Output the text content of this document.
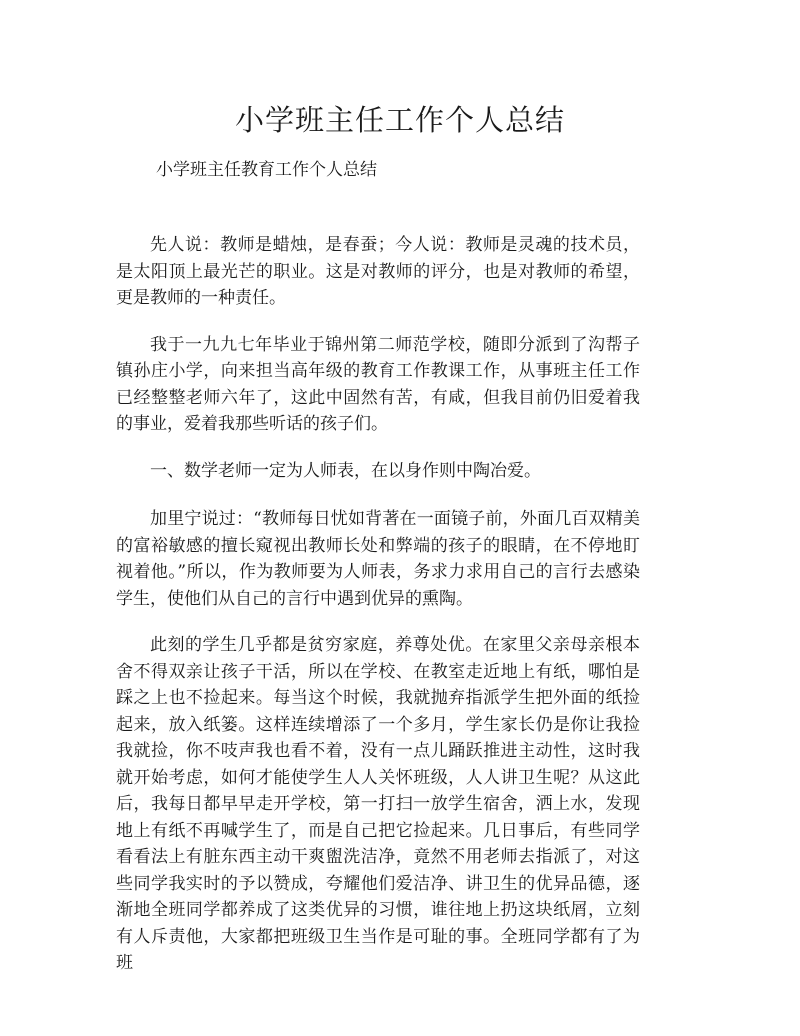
小学班主任工作个人总结
小学班主任教育工作个人总结

先人说：教师是蜡烛，是春蚕；今人说：教师是灵魂的技术员，是太阳顶上最光芒的职业。这是对教师的评分，也是对教师的希望，更是教师的一种责任。

我于一九九七年毕业于锦州第二师范学校，随即分派到了沟帮子镇孙庄小学，向来担当高年级的教育工作教课工作，从事班主任工作已经整整老师六年了，这此中固然有苦，有咸，但我目前仍旧爱着我的事业，爱着我那些听话的孩子们。

一、数学老师一定为人师表，在以身作则中陶冶爱。

加里宁说过：“教师每日忧如背著在一面镜子前，外面几百双精美的富裕敏感的擅长窥视出教师长处和弊端的孩子的眼睛，在不停地盯视着他。”所以，作为教师要为人师表，务求力求用自己的言行去感染学生，使他们从自己的言行中遇到优异的熏陶。

此刻的学生几乎都是贫穷家庭，养尊处优。在家里父亲母亲根本舍不得双亲让孩子干活，所以在学校、在教室走近地上有纸，哪怕是踩之上也不捡起来。每当这个时候，我就抛弃指派学生把外面的纸捡起来，放入纸篓。这样连续增添了一个多月，学生家长仍是你让我捡我就捡，你不吱声我也看不着，没有一点儿踊跃推进主动性，这时我就开始考虑，如何才能使学生人人关怀班级，人人讲卫生呢？从这此后，我每日都早早走开学校，第一打扫一放学生宿舍，洒上水，发现地上有纸不再喊学生了，而是自己把它捡起来。几日事后，有些同学看看法上有脏东西主动干爽盥洗洁净，竟然不用老师去指派了，对这些同学我实时的予以赞成，夸耀他们爱洁净、讲卫生的优异品德，逐渐地全班同学都养成了这类优异的习惯，谁往地上扔这块纸屑，立刻有人斥责他，大家都把班级卫生当作是可耻的事。全班同学都有了为班
